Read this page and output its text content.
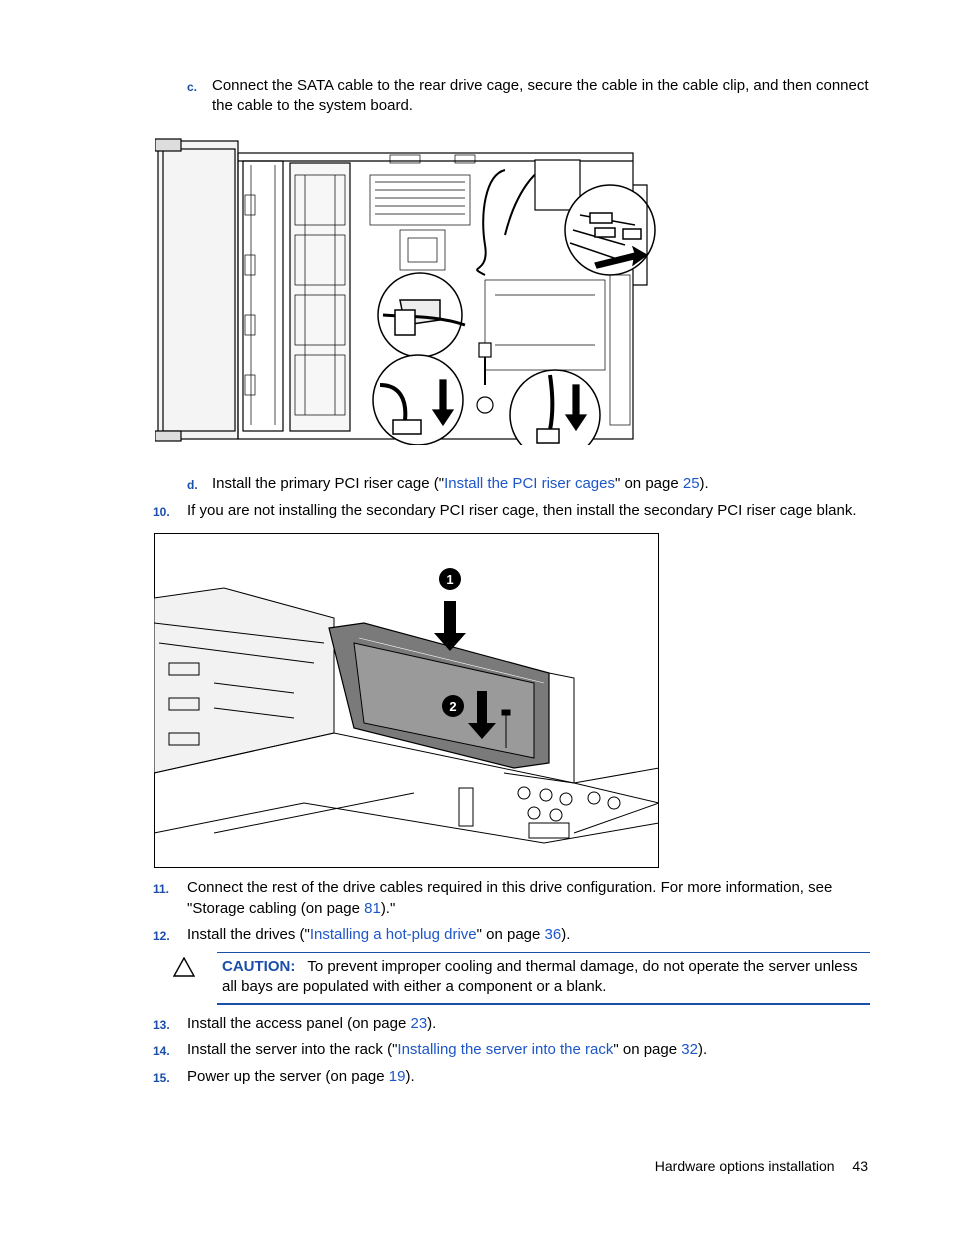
c. Connect the SATA cable to the rear drive cage, secure the cable in the cable clip, and then connect
the cable to the system board.
d. Install the primary PCI riser cage ("Install the PCI riser cages" on page 25).
10. If you are not installing the secondary PCI riser cage, then install the secondary PCI riser cage blank.
1
2
11. Connect the rest of the drive cables required in this drive configuration. For more information, see
"Storage cabling (on page 81)."
12. Install the drives ("Installing a hot-plug drive" on page 36).
CAUTION: To prevent improper cooling and thermal damage, do not operate the server unless
all bays are populated with either a component or a blank.
13. Install the access panel (on page 23).
14. Install the server into the rack ("Installing the server into the rack" on page 32).
15. Power up the server (on page 19).
Hardware options installation 43
